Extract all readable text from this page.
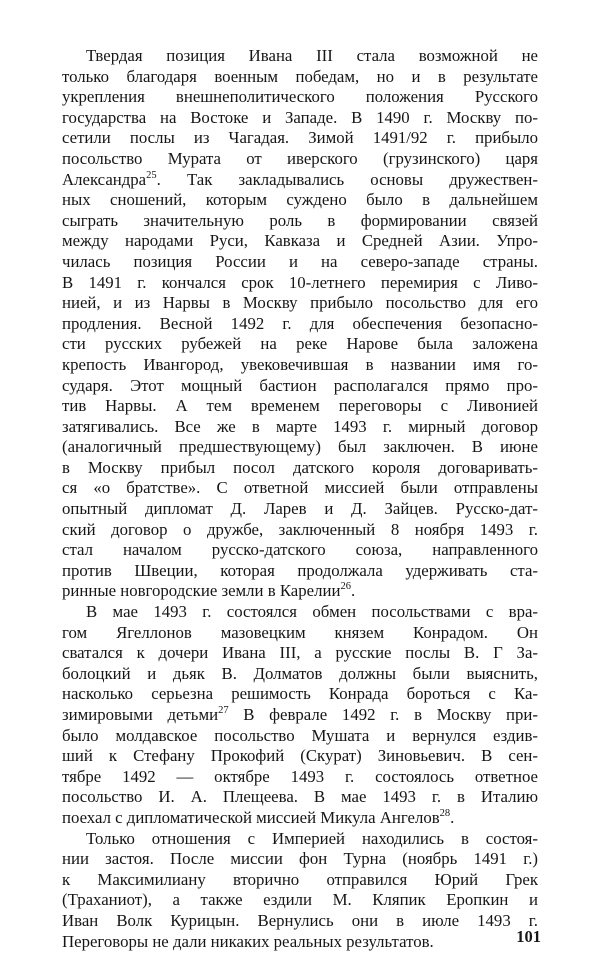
Твердая позиция Ивана III стала возможной не
только благодаря военным победам, но и в результате
укрепления внешнеполитического положения Русского
государства на Востоке и Западе. В 1490 г. Москву по-
сетили послы из Чагадая. Зимой 1491/92 г. прибыло
посольство Мурата от иверского (грузинского) царя
Александра$^{25}$. Так закладывались основы дружествен-
ных сношений, которым суждено было в дальнейшем
сыграть значительную роль в формировании связей
между народами Руси, Кавказа и Средней Азии. Упро-
чилась позиция России и на северо-западе страны.
В 1491 г. кончался срок 10-летнего перемирия с Ливо-
нией, и из Нарвы в Москву прибыло посольство для его
продления. Весной 1492 г. для обеспечения безопасно-
сти русских рубежей на реке Нарове была заложена
крепость Ивангород, увековечившая в названии имя го-
сударя. Этот мощный бастион располагался прямо про-
тив Нарвы. А тем временем переговоры с Ливонией
затягивались. Все же в марте 1493 г. мирный договор
(аналогичный предшествующему) был заключен. В июне
в Москву прибыл посол датского короля договаривать-
ся «о братстве». С ответной миссией были отправлены
опытный дипломат Д. Ларев и Д. Зайцев. Русско-дат-
ский договор о дружбе, заключенный 8 ноября 1493 г.
стал началом русско-датского союза, направленного
против Швеции, которая продолжала удерживать ста-
ринные новгородские земли в Карелии$^{26}$.
В мае 1493 г. состоялся обмен посольствами с вра-
гом Ягеллонов мазовецким князем Конрадом. Он
сватался к дочери Ивана III, а русские послы В. Г За-
болоцкий и дьяк В. Долматов должны были выяснить,
насколько серьезна решимость Конрада бороться с Ка-
зимировыми детьми$^{27}$ В феврале 1492 г. в Москву при-
было молдавское посольство Мушата и вернулся ездив-
ший к Стефану Прокофий (Скурат) Зиновьевич. В сен-
тябре 1492 — октябре 1493 г. состоялось ответное
посольство И. А. Плещеева. В мае 1493 г. в Италию
поехал с дипломатической миссией Микула Ангелов$^{28}$.
Только отношения с Империей находились в состоя-
нии застоя. После миссии фон Турна (ноябрь 1491 г.)
к Максимилиану вторично отправился Юрий Грек
(Траханиот), а также ездили М. Кляпик Еропкин и
Иван Волк Курицын. Вернулись они в июле 1493 г.
Переговоры не дали никаких реальных результатов.	101
